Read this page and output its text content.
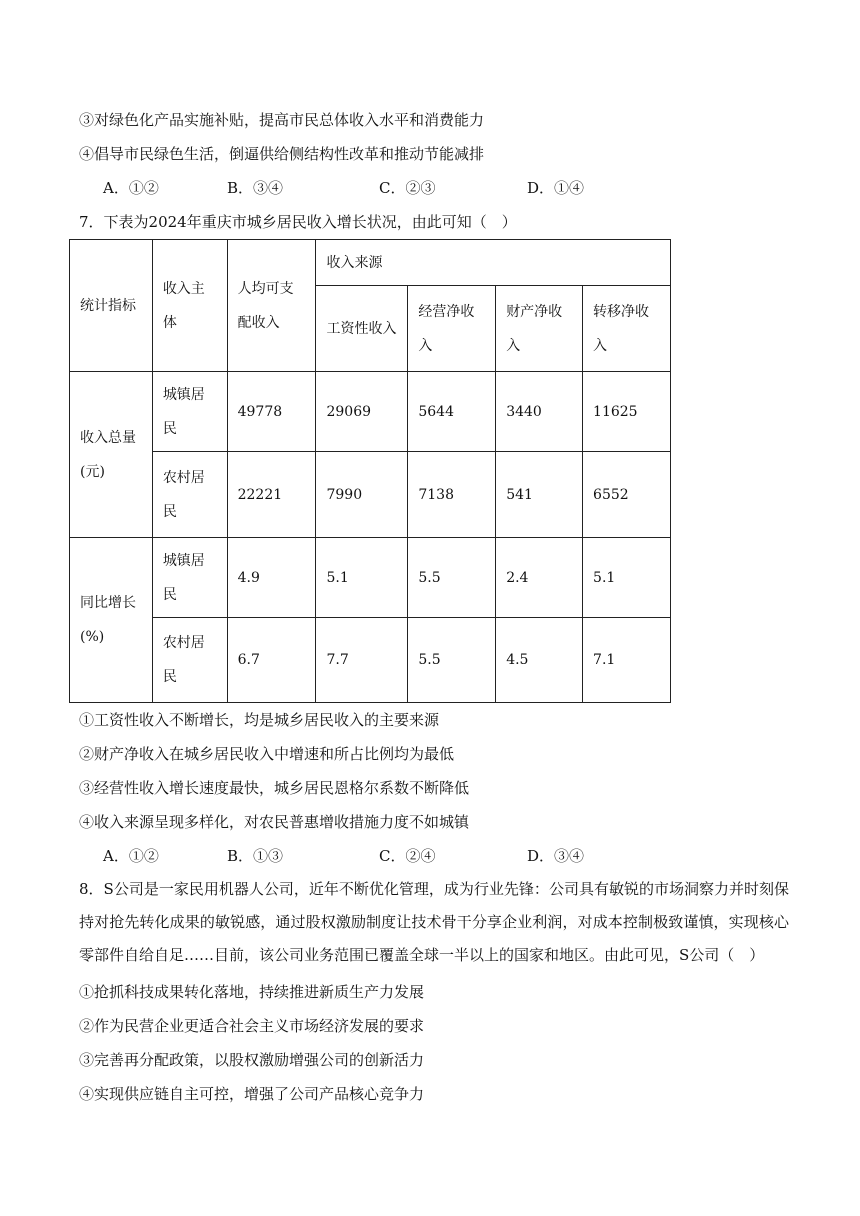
③对绿色化产品实施补贴，提高市民总体收入水平和消费能力
④倡导市民绿色生活，倒逼供给侧结构性改革和推动节能减排
A．①②	B．③④	C．②③	D．①④
7．下表为2024年重庆市城乡居民收入增长状况，由此可知（　）
统计指标	收入主体	人均可支配收入	收入来源			
			工资性收入	经营净收入	财产净收入	转移净收入
收入总量(元)	城镇居民	49778	29069	5644	3440	11625
	农村居民	22221	7990	7138	541	6552
同比增长(%)	城镇居民	4.9	5.1	5.5	2.4	5.1
	农村居民	6.7	7.7	5.5	4.5	7.1
①工资性收入不断增长，均是城乡居民收入的主要来源
②财产净收入在城乡居民收入中增速和所占比例均为最低
③经营性收入增长速度最快，城乡居民恩格尔系数不断降低
④收入来源呈现多样化，对农民普惠增收措施力度不如城镇
A．①②	B．①③	C．②④	D．③④
8．S公司是一家民用机器人公司，近年不断优化管理，成为行业先锋：公司具有敏锐的市场洞察力并时刻保持对抢先转化成果的敏锐感，通过股权激励制度让技术骨干分享企业利润，对成本控制极致谨慎，实现核心零部件自给自足……目前，该公司业务范围已覆盖全球一半以上的国家和地区。由此可见，S公司（　）
①抢抓科技成果转化落地，持续推进新质生产力发展
②作为民营企业更适合社会主义市场经济发展的要求
③完善再分配政策，以股权激励增强公司的创新活力
④实现供应链自主可控，增强了公司产品核心竞争力
